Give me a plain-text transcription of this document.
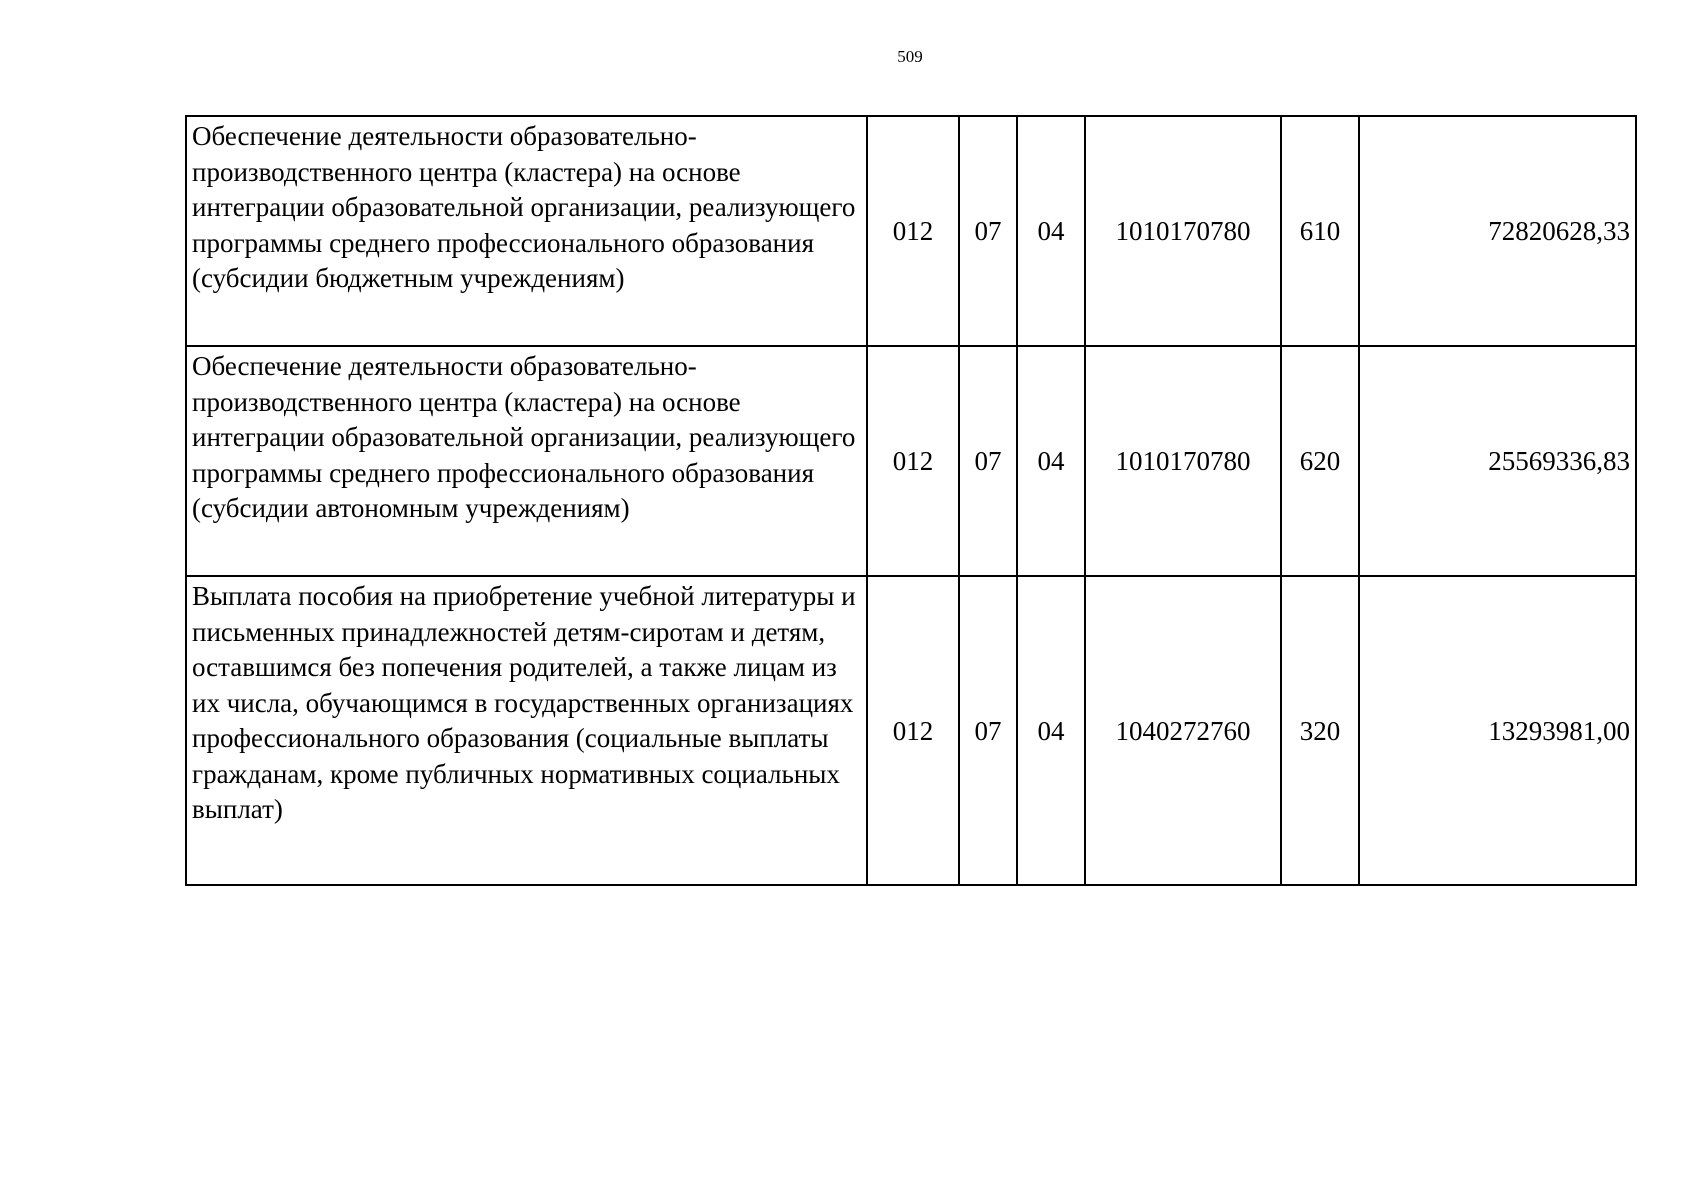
509
Обеспечение деятельности образовательно-производственного центра (кластера) на основе интеграции образовательной организации, реализующего программы среднего профессионального образования (субсидии бюджетным учреждениям)	012	07	04	1010170780	610	72820628,33
Обеспечение деятельности образовательно-производственного центра (кластера) на основе интеграции образовательной организации, реализующего программы среднего профессионального образования (субсидии автономным учреждениям)	012	07	04	1010170780	620	25569336,83
Выплата пособия на приобретение учебной литературы и письменных принадлежностей детям-сиротам и детям, оставшимся без попечения родителей, а также лицам из их числа, обучающимся в государственных организациях профессионального образования (социальные выплаты гражданам, кроме публичных нормативных социальных выплат)	012	07	04	1040272760	320	13293981,00
